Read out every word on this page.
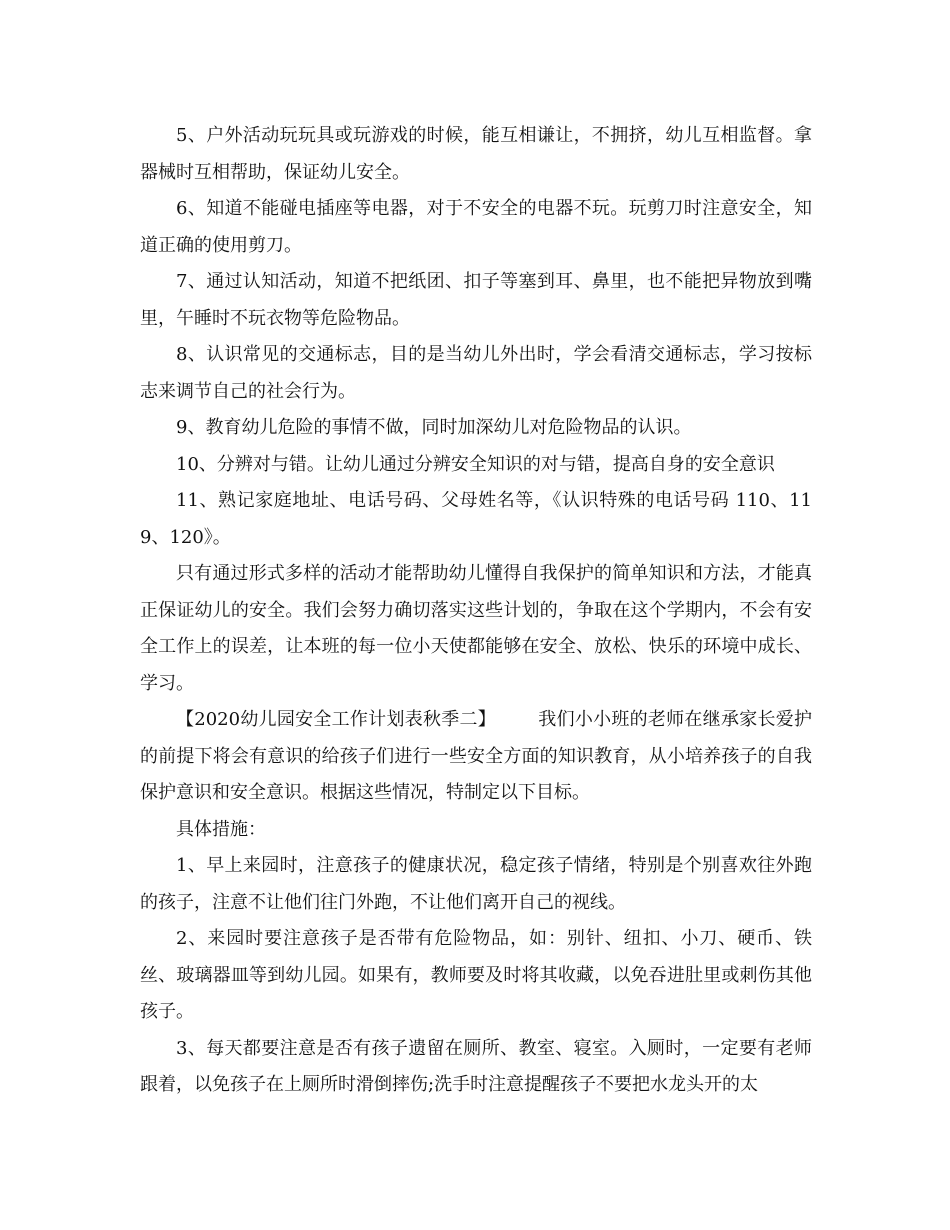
5、户外活动玩玩具或玩游戏的时候，能互相谦让，不拥挤，幼儿互相监督。拿器械时互相帮助，保证幼儿安全。

6、知道不能碰电插座等电器，对于不安全的电器不玩。玩剪刀时注意安全，知道正确的使用剪刀。

7、通过认知活动，知道不把纸团、扣子等塞到耳、鼻里，也不能把异物放到嘴里，午睡时不玩衣物等危险物品。

8、认识常见的交通标志，目的是当幼儿外出时，学会看清交通标志，学习按标志来调节自己的社会行为。

9、教育幼儿危险的事情不做，同时加深幼儿对危险物品的认识。

10、分辨对与错。让幼儿通过分辨安全知识的对与错，提高自身的安全意识

11、熟记家庭地址、电话号码、父母姓名等，《认识特殊的电话号码 110、119、120》。

只有通过形式多样的活动才能帮助幼儿懂得自我保护的简单知识和方法，才能真正保证幼儿的安全。我们会努力确切落实这些计划的，争取在这个学期内，不会有安全工作上的误差，让本班的每一位小天使都能够在安全、放松、快乐的环境中成长、学习。

【2020幼儿园安全工作计划表秋季二】 我们小小班的老师在继承家长爱护的前提下将会有意识的给孩子们进行一些安全方面的知识教育，从小培养孩子的自我保护意识和安全意识。根据这些情况，特制定以下目标。

具体措施：

1、早上来园时，注意孩子的健康状况，稳定孩子情绪，特别是个别喜欢往外跑的孩子，注意不让他们往门外跑，不让他们离开自己的视线。

2、来园时要注意孩子是否带有危险物品，如：别针、纽扣、小刀、硬币、铁丝、玻璃器皿等到幼儿园。如果有，教师要及时将其收藏，以免吞进肚里或刺伤其他孩子。

3、每天都要注意是否有孩子遗留在厕所、教室、寝室。入厕时，一定要有老师跟着，以免孩子在上厕所时滑倒摔伤;洗手时注意提醒孩子不要把水龙头开的太
